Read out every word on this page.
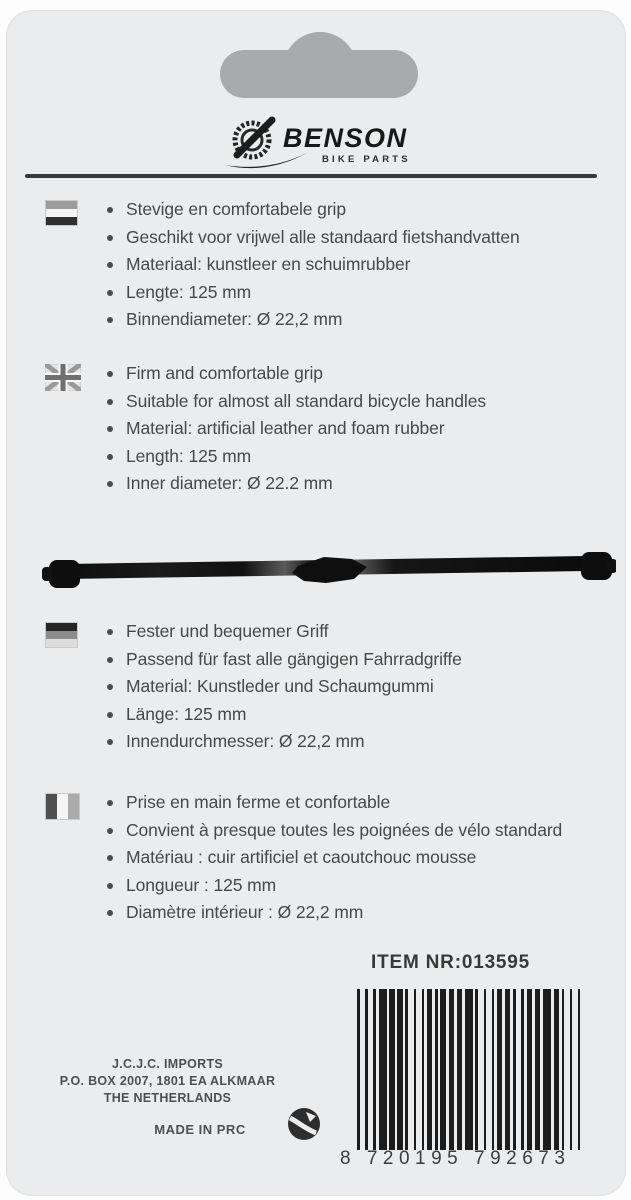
BENSON
BIKE PARTS
Stevige en comfortabele grip
Geschikt voor vrijwel alle standaard fietshandvatten
Materiaal: kunstleer en schuimrubber
Lengte: 125 mm
Binnendiameter: Ø 22,2 mm
Firm and comfortable grip
Suitable for almost all standard bicycle handles
Material: artificial leather and foam rubber
Length: 125 mm
Inner diameter: Ø 22.2 mm
Fester und bequemer Griff
Passend für fast alle gängigen Fahrradgriffe
Material: Kunstleder und Schaumgummi
Länge: 125 mm
Innendurchmesser: Ø 22,2 mm
Prise en main ferme et confortable
Convient à presque toutes les poignées de vélo standard
Matériau : cuir artificiel et caoutchouc mousse
Longueur : 125 mm
Diamètre intérieur : Ø 22,2 mm
ITEM NR:013595
8 720195 792673
J.C.J.C. IMPORTS
P.O. BOX 2007, 1801 EA ALKMAAR
THE NETHERLANDS
MADE IN PRC
